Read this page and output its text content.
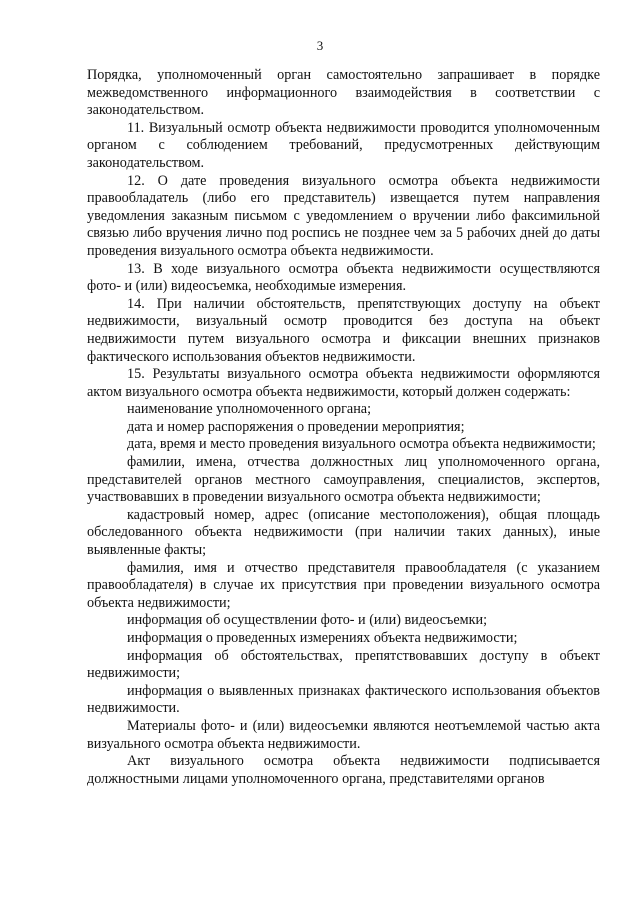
3

Порядка, уполномоченный орган самостоятельно запрашивает в порядке межведомственного информационного взаимодействия в соответствии с законодательством.

11. Визуальный осмотр объекта недвижимости проводится уполномоченным органом с соблюдением требований, предусмотренных действующим законодательством.

12. О дате проведения визуального осмотра объекта недвижимости правообладатель (либо его представитель) извещается путем направления уведомления заказным письмом с уведомлением о вручении либо факсимильной связью либо вручения лично под роспись не позднее чем за 5 рабочих дней до даты проведения визуального осмотра объекта недвижимости.

13. В ходе визуального осмотра объекта недвижимости осуществляются фото- и (или) видеосъемка, необходимые измерения.

14. При наличии обстоятельств, препятствующих доступу на объект недвижимости, визуальный осмотр проводится без доступа на объект недвижимости путем визуального осмотра и фиксации внешних признаков фактического использования объектов недвижимости.

15. Результаты визуального осмотра объекта недвижимости оформляются актом визуального осмотра объекта недвижимости, который должен содержать:

наименование уполномоченного органа;

дата и номер распоряжения о проведении мероприятия;

дата, время и место проведения визуального осмотра объекта недвижимости;

фамилии, имена, отчества должностных лиц уполномоченного органа, представителей органов местного самоуправления, специалистов, экспертов, участвовавших в проведении визуального осмотра объекта недвижимости;

кадастровый номер, адрес (описание местоположения), общая площадь обследованного объекта недвижимости (при наличии таких данных), иные выявленные факты;

фамилия, имя и отчество представителя правообладателя (с указанием правообладателя) в случае их присутствия при проведении визуального осмотра объекта недвижимости;

информация об осуществлении фото- и (или) видеосъемки;

информация о проведенных измерениях объекта недвижимости;

информация об обстоятельствах, препятствовавших доступу в объект недвижимости;

информация о выявленных признаках фактического использования объектов недвижимости.

Материалы фото- и (или) видеосъемки являются неотъемлемой частью акта визуального осмотра объекта недвижимости.

Акт визуального осмотра объекта недвижимости подписывается должностными лицами уполномоченного органа, представителями органов
